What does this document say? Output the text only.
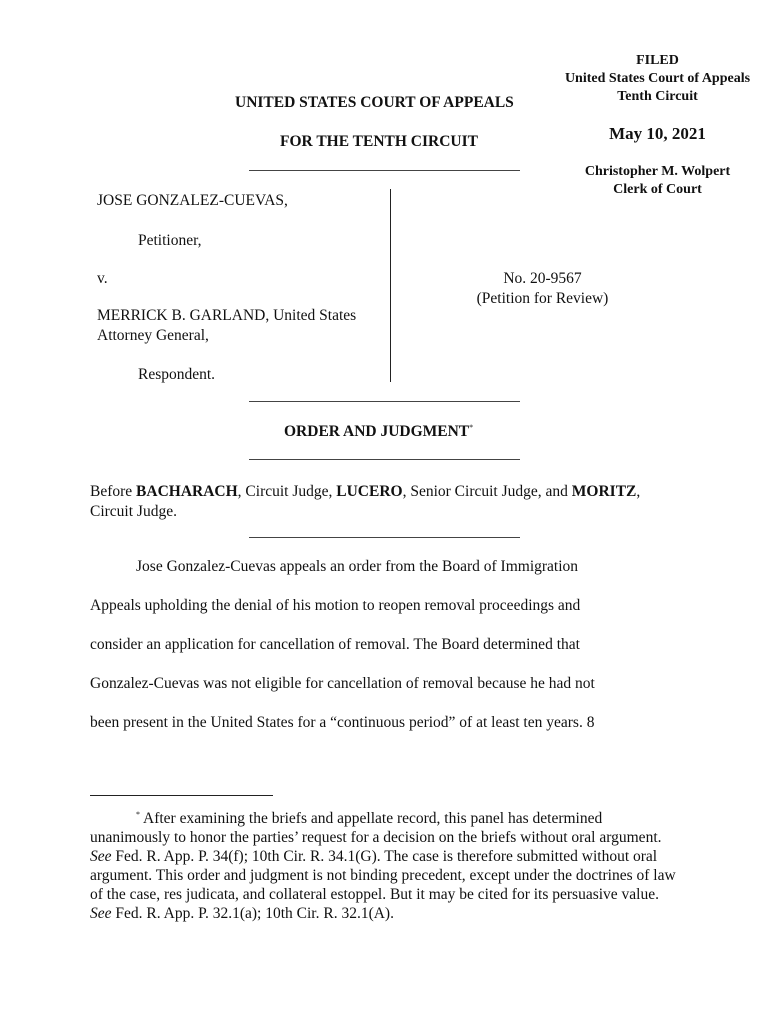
FILED
United States Court of Appeals
Tenth Circuit
May 10, 2021
Christopher M. Wolpert
Clerk of Court
UNITED STATES COURT OF APPEALS
FOR THE TENTH CIRCUIT
JOSE GONZALEZ-CUEVAS,
Petitioner,
v.
MERRICK B. GARLAND, United States
Attorney General,
Respondent.
No. 20-9567
(Petition for Review)
ORDER AND JUDGMENT*
Before BACHARACH, Circuit Judge, LUCERO, Senior Circuit Judge, and MORITZ,
Circuit Judge.
Jose Gonzalez-Cuevas appeals an order from the Board of Immigration
Appeals upholding the denial of his motion to reopen removal proceedings and
consider an application for cancellation of removal. The Board determined that
Gonzalez-Cuevas was not eligible for cancellation of removal because he had not
been present in the United States for a “continuous period” of at least ten years. 8
* After examining the briefs and appellate record, this panel has determined unanimously to honor the parties’ request for a decision on the briefs without oral argument. See Fed. R. App. P. 34(f); 10th Cir. R. 34.1(G). The case is therefore submitted without oral argument. This order and judgment is not binding precedent, except under the doctrines of law of the case, res judicata, and collateral estoppel. But it may be cited for its persuasive value. See Fed. R. App. P. 32.1(a); 10th Cir. R. 32.1(A).
